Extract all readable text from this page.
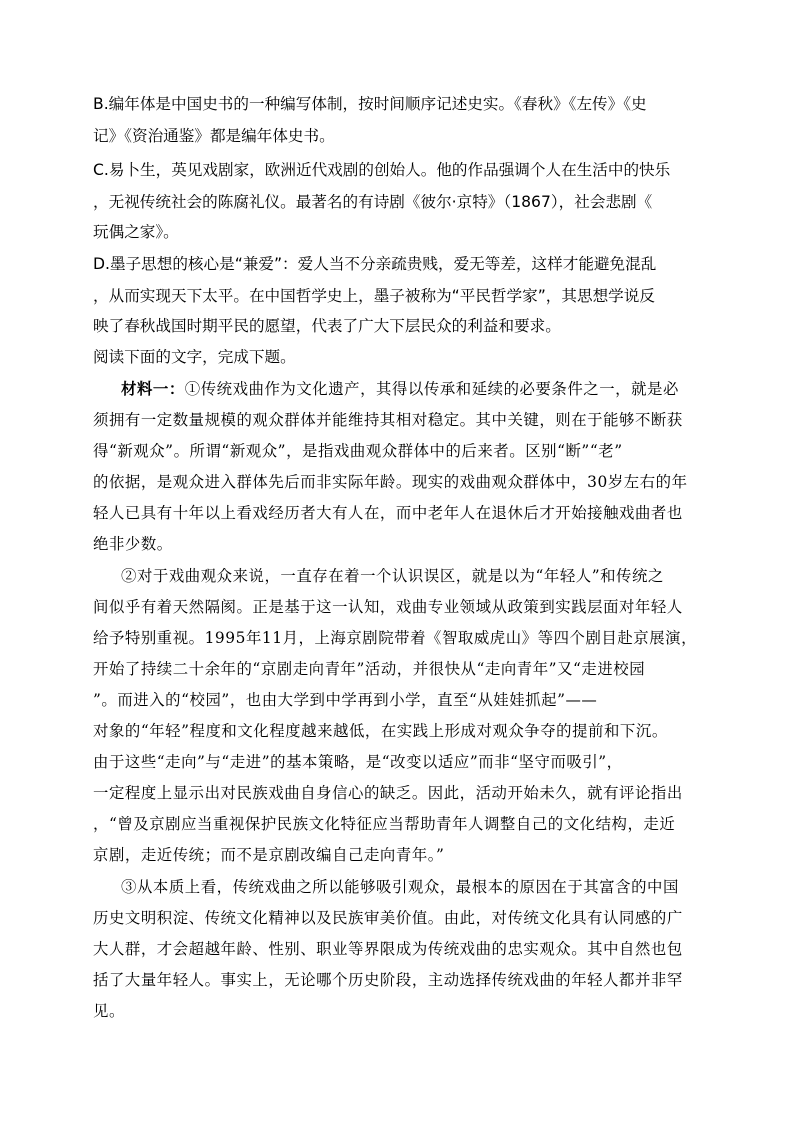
B.编年体是中国史书的一种编写体制，按时间顺序记述史实。《春秋》《左传》《史
记》《资治通鉴》都是编年体史书。
C.易卜生，英见戏剧家，欧洲近代戏剧的创始人。他的作品强调个人在生活中的快乐
，无视传统社会的陈腐礼仪。最著名的有诗剧《彼尔·京特》（1867），社会悲剧《
玩偶之家》。
D.墨子思想的核心是“兼爱”：爱人当不分亲疏贵贱，爱无等差，这样才能避免混乱
，从而实现天下太平。在中国哲学史上，墨子被称为“平民哲学家”，其思想学说反
映了春秋战国时期平民的愿望，代表了广大下层民众的利益和要求。
阅读下面的文字，完成下题。
材料一：①传统戏曲作为文化遗产，其得以传承和延续的必要条件之一，就是必
须拥有一定数量规模的观众群体并能维持其相对稳定。其中关键，则在于能够不断获
得“新观众”。所谓“新观众”，是指戏曲观众群体中的后来者。区别“断”“老”
的依据，是观众进入群体先后而非实际年龄。现实的戏曲观众群体中，30岁左右的年
轻人已具有十年以上看戏经历者大有人在，而中老年人在退休后才开始接触戏曲者也
绝非少数。
②对于戏曲观众来说，一直存在着一个认识误区，就是以为“年轻人”和传统之
间似乎有着天然隔阂。正是基于这一认知，戏曲专业领域从政策到实践层面对年轻人
给予特别重视。1995年11月，上海京剧院带着《智取威虎山》等四个剧目赴京展演，
开始了持续二十余年的“京剧走向青年”活动，并很快从“走向青年”又“走进校园
”。而进入的“校园”，也由大学到中学再到小学，直至“从娃娃抓起”——
对象的“年轻”程度和文化程度越来越低，在实践上形成对观众争夺的提前和下沉。
由于这些“走向”与“走进”的基本策略，是“改变以适应”而非“坚守而吸引”，
一定程度上显示出对民族戏曲自身信心的缺乏。因此，活动开始未久，就有评论指出
，“曾及京剧应当重视保护民族文化特征应当帮助青年人调整自己的文化结构，走近
京剧，走近传统；而不是京剧改编自己走向青年。”
③从本质上看，传统戏曲之所以能够吸引观众，最根本的原因在于其富含的中国
历史文明积淀、传统文化精神以及民族审美价值。由此，对传统文化具有认同感的广
大人群，才会超越年龄、性别、职业等界限成为传统戏曲的忠实观众。其中自然也包
括了大量年轻人。事实上，无论哪个历史阶段，主动选择传统戏曲的年轻人都并非罕
见。
